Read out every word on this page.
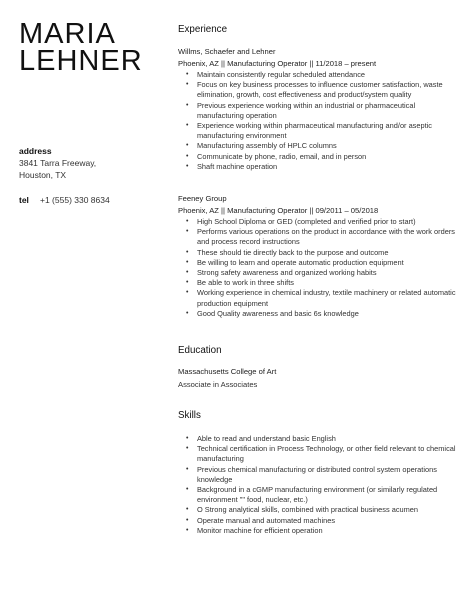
MARIA
LEHNER
address
3841 Tarra Freeway,
Houston, TX
tel +1 (555) 330 8634
Experience
Willms, Schaefer and Lehner
Phoenix, AZ || Manufacturing Operator || 11/2018 – present
• Maintain consistently regular scheduled attendance
• Focus on key business processes to influence customer satisfaction, waste elimination, growth, cost effectiveness and product/system quality
• Previous experience working within an industrial or pharmaceutical manufacturing operation
• Experience working within pharmaceutical manufacturing and/or aseptic manufacturing environment
• Manufacturing assembly of HPLC columns
• Communicate by phone, radio, email, and in person
• Shaft machine operation
Feeney Group
Phoenix, AZ || Manufacturing Operator || 09/2011 – 05/2018
• High School Diploma or GED (completed and verified prior to start)
• Performs various operations on the product in accordance with the work orders and process record instructions
• These should tie directly back to the purpose and outcome
• Be willing to learn and operate automatic production equipment
• Strong safety awareness and organized working habits
• Be able to work in three shifts
• Working experience in chemical industry, textile machinery or related automatic production equipment
• Good Quality awareness and basic 6s knowledge
Education
Massachusetts College of Art
Associate in Associates
Skills
• Able to read and understand basic English
• Technical certification in Process Technology, or other field relevant to chemical manufacturing
• Previous chemical manufacturing or distributed control system operations knowledge
• Background in a cGMP manufacturing environment (or similarly regulated environment "" food, nuclear, etc.)
• O Strong analytical skills, combined with practical business acumen
• Operate manual and automated machines
• Monitor machine for efficient operation
